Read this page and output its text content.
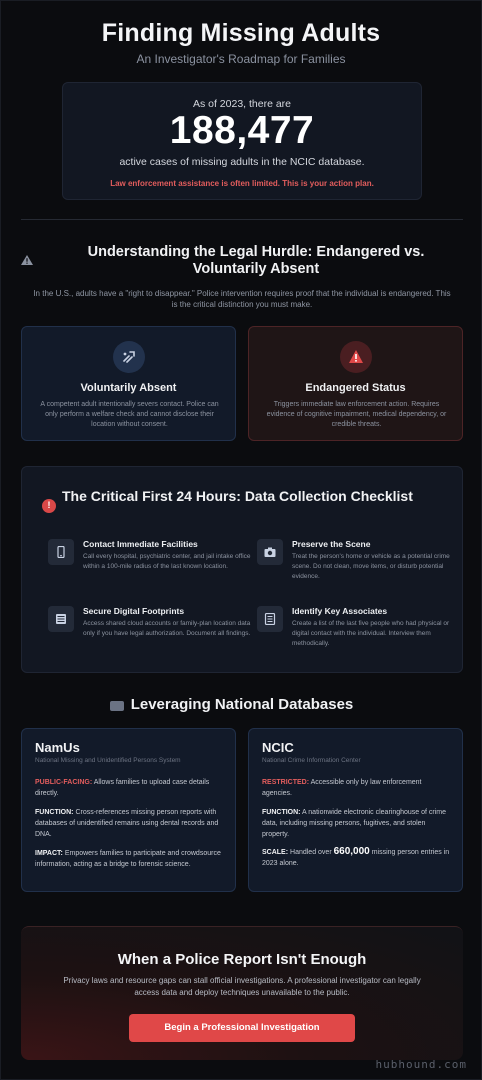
Finding Missing Adults
An Investigator's Roadmap for Families
As of 2023, there are
188,477
active cases of missing adults in the NCIC database.
Law enforcement assistance is often limited. This is your action plan.
Understanding the Legal Hurdle: Endangered vs. Voluntarily Absent
In the U.S., adults have a "right to disappear." Police intervention requires proof that the individual is endangered. This is the critical distinction you must make.
Voluntarily Absent
A competent adult intentionally severs contact. Police can only perform a welfare check and cannot disclose their location without consent.
Endangered Status
Triggers immediate law enforcement action. Requires evidence of cognitive impairment, medical dependency, or credible threats.
!
The Critical First 24 Hours: Data Collection Checklist
Contact Immediate Facilities
Call every hospital, psychiatric center, and jail intake office within a 100-mile radius of the last known location.
Preserve the Scene
Treat the person's home or vehicle as a potential crime scene. Do not clean, move items, or disturb potential evidence.
Secure Digital Footprints
Access shared cloud accounts or family-plan location data only if you have legal authorization. Document all findings.
Identify Key Associates
Create a list of the last five people who had physical or digital contact with the individual. Interview them methodically.
Leveraging National Databases
NamUs
National Missing and Unidentified Persons System
PUBLIC-FACING: Allows families to upload case details directly.
FUNCTION: Cross-references missing person reports with databases of unidentified remains using dental records and DNA.
IMPACT: Empowers families to participate and crowdsource information, acting as a bridge to forensic science.
NCIC
National Crime Information Center
RESTRICTED: Accessible only by law enforcement agencies.
FUNCTION: A nationwide electronic clearinghouse of crime data, including missing persons, fugitives, and stolen property.
SCALE: Handled over 660,000 missing person entries in 2023 alone.
When a Police Report Isn't Enough
Privacy laws and resource gaps can stall official investigations. A professional investigator can legally access data and deploy techniques unavailable to the public.
Begin a Professional Investigation
hubhound.com
